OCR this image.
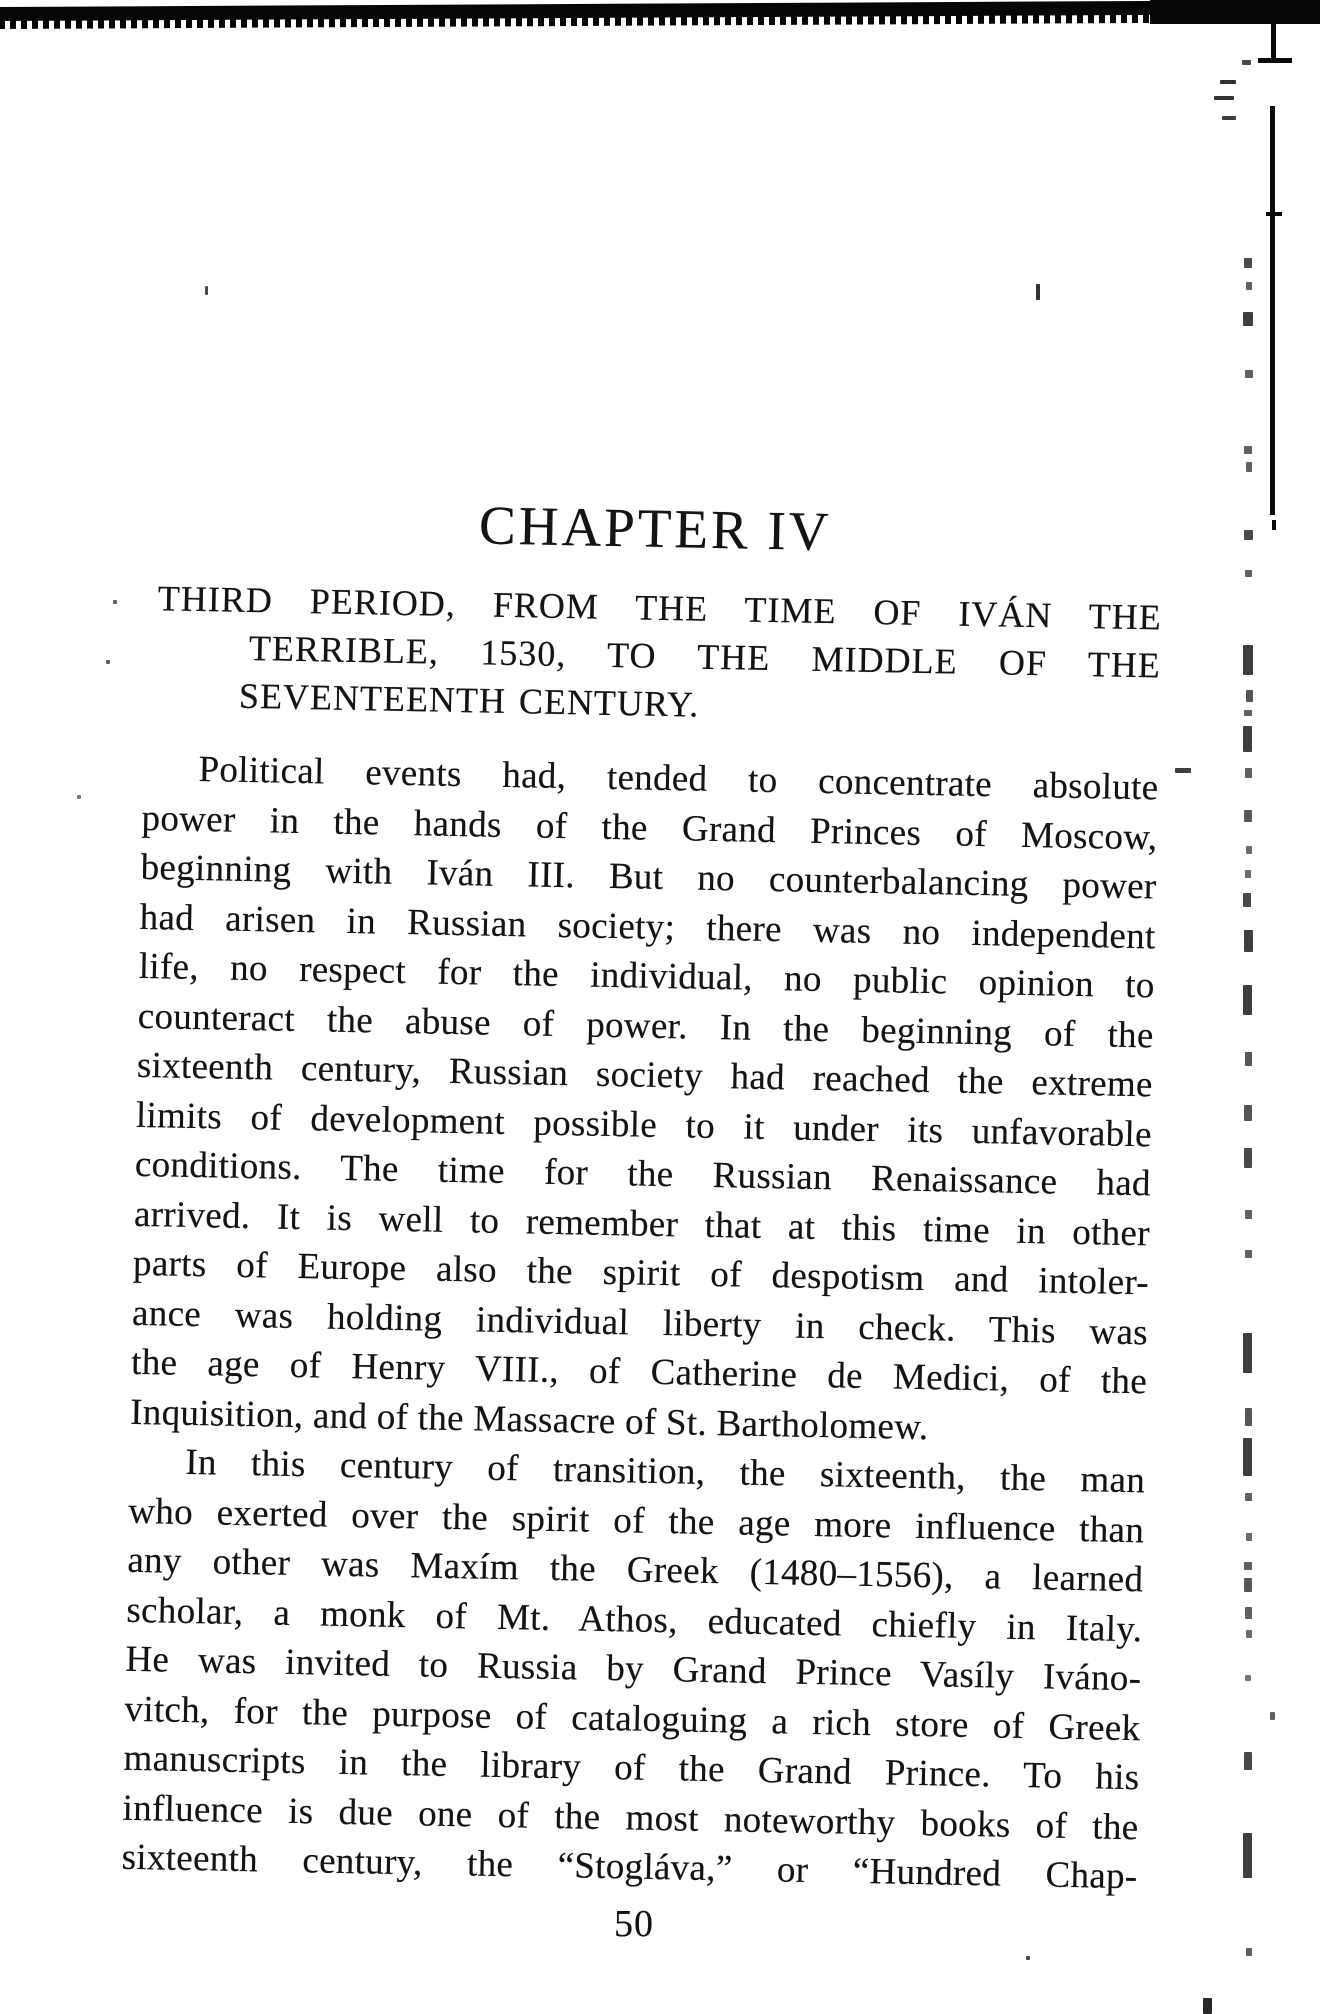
CHAPTER IV
THIRD PERIOD, FROM THE TIME OF IVÁN THE
TERRIBLE, 1530, TO THE MIDDLE OF THE
SEVENTEENTH CENTURY.
Political events had, tended to concentrate absolute
power in the hands of the Grand Princes of Moscow,
beginning with Iván III. But no counterbalancing power
had arisen in Russian society; there was no independent
life, no respect for the individual, no public opinion to
counteract the abuse of power. In the beginning of the
sixteenth century, Russian society had reached the extreme
limits of development possible to it under its unfavorable
conditions. The time for the Russian Renaissance had
arrived. It is well to remember that at this time in other
parts of Europe also the spirit of despotism and intoler-
ance was holding individual liberty in check. This was
the age of Henry VIII., of Catherine de Medici, of the
Inquisition, and of the Massacre of St. Bartholomew.
In this century of transition, the sixteenth, the man
who exerted over the spirit of the age more influence than
any other was Maxím the Greek (1480–1556), a learned
scholar, a monk of Mt. Athos, educated chiefly in Italy.
He was invited to Russia by Grand Prince Vasíly Iváno-
vitch, for the purpose of cataloguing a rich store of Greek
manuscripts in the library of the Grand Prince. To his
influence is due one of the most noteworthy books of the
sixteenth century, the “Stogláva,” or “Hundred Chap-
50
